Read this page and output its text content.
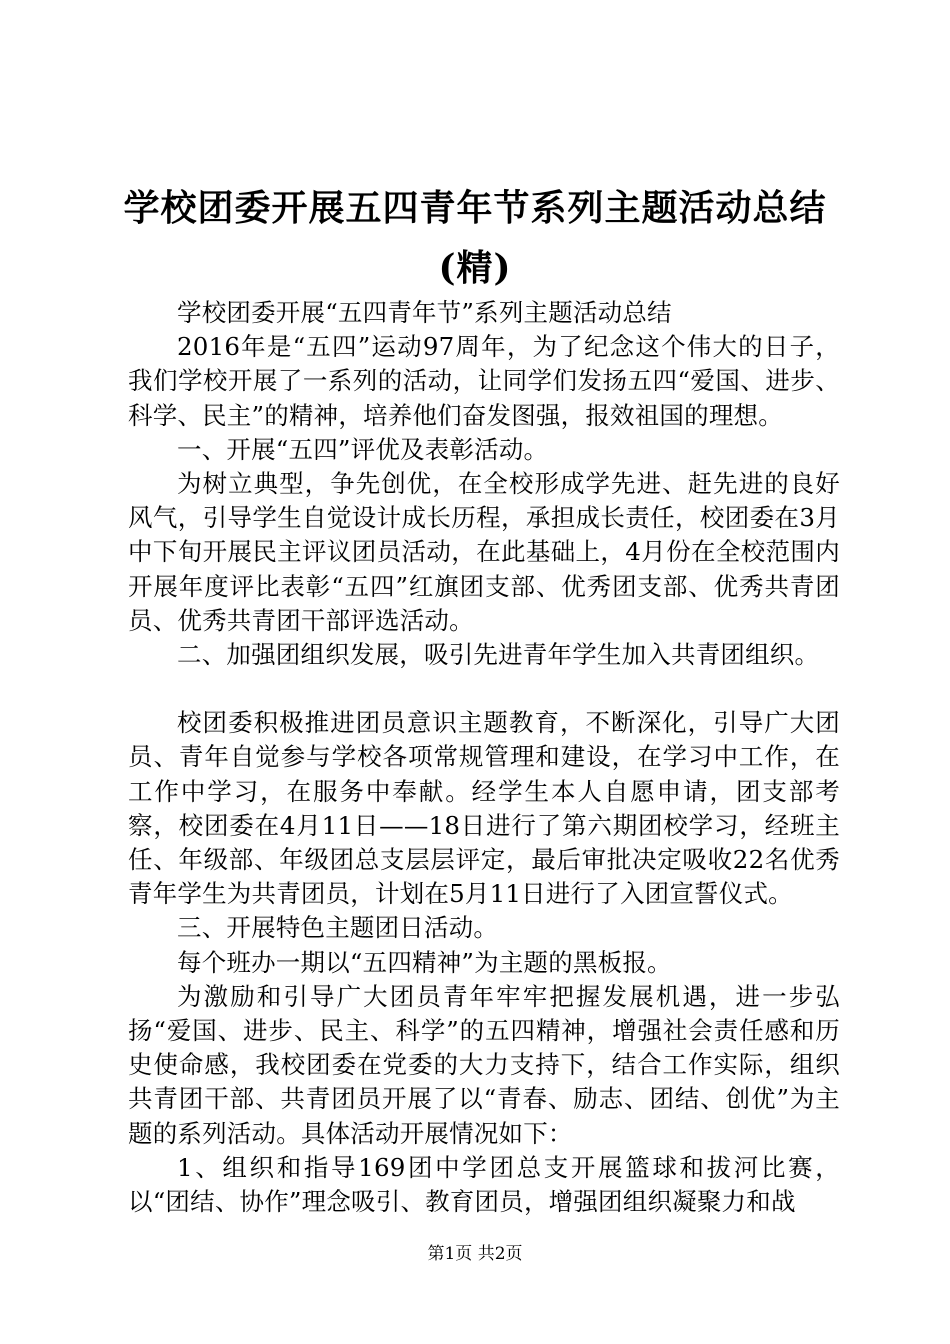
学校团委开展五四青年节系列主题活动总结
(精)

学校团委开展“五四青年节”系列主题活动总结

2016年是“五四”运动97周年，为了纪念这个伟大的日子，我们学校开展了一系列的活动，让同学们发扬五四“爱国、进步、科学、民主”的精神，培养他们奋发图强，报效祖国的理想。

一、开展“五四”评优及表彰活动。

为树立典型，争先创优，在全校形成学先进、赶先进的良好风气，引导学生自觉设计成长历程，承担成长责任，校团委在3月中下旬开展民主评议团员活动，在此基础上，4月份在全校范围内开展年度评比表彰“五四”红旗团支部、优秀团支部、优秀共青团员、优秀共青团干部评选活动。

二、加强团组织发展，吸引先进青年学生加入共青团组织。

校团委积极推进团员意识主题教育，不断深化，引导广大团员、青年自觉参与学校各项常规管理和建设，在学习中工作，在工作中学习，在服务中奉献。经学生本人自愿申请，团支部考察，校团委在4月11日——18日进行了第六期团校学习，经班主任、年级部、年级团总支层层评定，最后审批决定吸收22名优秀青年学生为共青团员，计划在5月11日进行了入团宣誓仪式。

三、开展特色主题团日活动。

每个班办一期以“五四精神”为主题的黑板报。

为激励和引导广大团员青年牢牢把握发展机遇，进一步弘扬“爱国、进步、民主、科学”的五四精神，增强社会责任感和历史使命感，我校团委在党委的大力支持下，结合工作实际，组织共青团干部、共青团员开展了以“青春、励志、团结、创优”为主题的系列活动。具体活动开展情况如下：

1、组织和指导169团中学团总支开展篮球和拔河比赛，以“团结、协作”理念吸引、教育团员，增强团组织凝聚力和战

第1页 共2页
